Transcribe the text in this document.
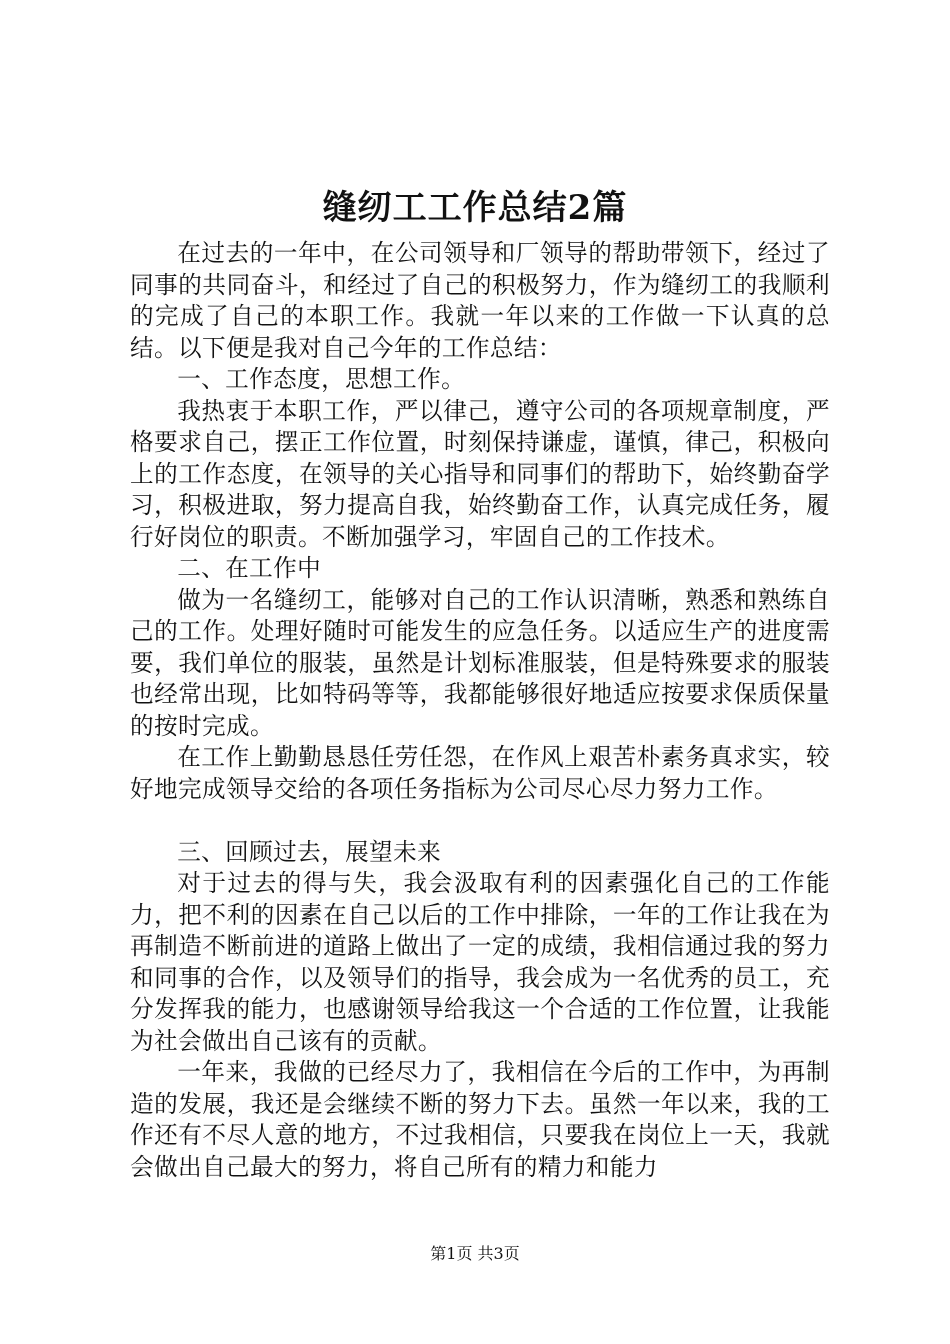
缝纫工工作总结2篇

在过去的一年中，在公司领导和厂领导的帮助带领下，经过了同事的共同奋斗，和经过了自己的积极努力，作为缝纫工的我顺利的完成了自己的本职工作。我就一年以来的工作做一下认真的总结。以下便是我对自己今年的工作总结：

一、工作态度，思想工作。

我热衷于本职工作，严以律己，遵守公司的各项规章制度，严格要求自己，摆正工作位置，时刻保持谦虚，谨慎，律己，积极向上的工作态度，在领导的关心指导和同事们的帮助下，始终勤奋学习，积极进取，努力提高自我，始终勤奋工作，认真完成任务，履行好岗位的职责。不断加强学习，牢固自己的工作技术。

二、在工作中

做为一名缝纫工，能够对自己的工作认识清晰，熟悉和熟练自己的工作。处理好随时可能发生的应急任务。以适应生产的进度需要，我们单位的服装，虽然是计划标准服装，但是特殊要求的服装也经常出现，比如特码等等，我都能够很好地适应按要求保质保量的按时完成。

在工作上勤勤恳恳任劳任怨，在作风上艰苦朴素务真求实，较好地完成领导交给的各项任务指标为公司尽心尽力努力工作。

三、回顾过去，展望未来

对于过去的得与失，我会汲取有利的因素强化自己的工作能力，把不利的因素在自己以后的工作中排除，一年的工作让我在为再制造不断前进的道路上做出了一定的成绩，我相信通过我的努力和同事的合作，以及领导们的指导，我会成为一名优秀的员工，充分发挥我的能力，也感谢领导给我这一个合适的工作位置，让我能为社会做出自己该有的贡献。

一年来，我做的已经尽力了，我相信在今后的工作中，为再制造的发展，我还是会继续不断的努力下去。虽然一年以来，我的工作还有不尽人意的地方，不过我相信，只要我在岗位上一天，我就会做出自己最大的努力，将自己所有的精力和能力

第1页 共3页
